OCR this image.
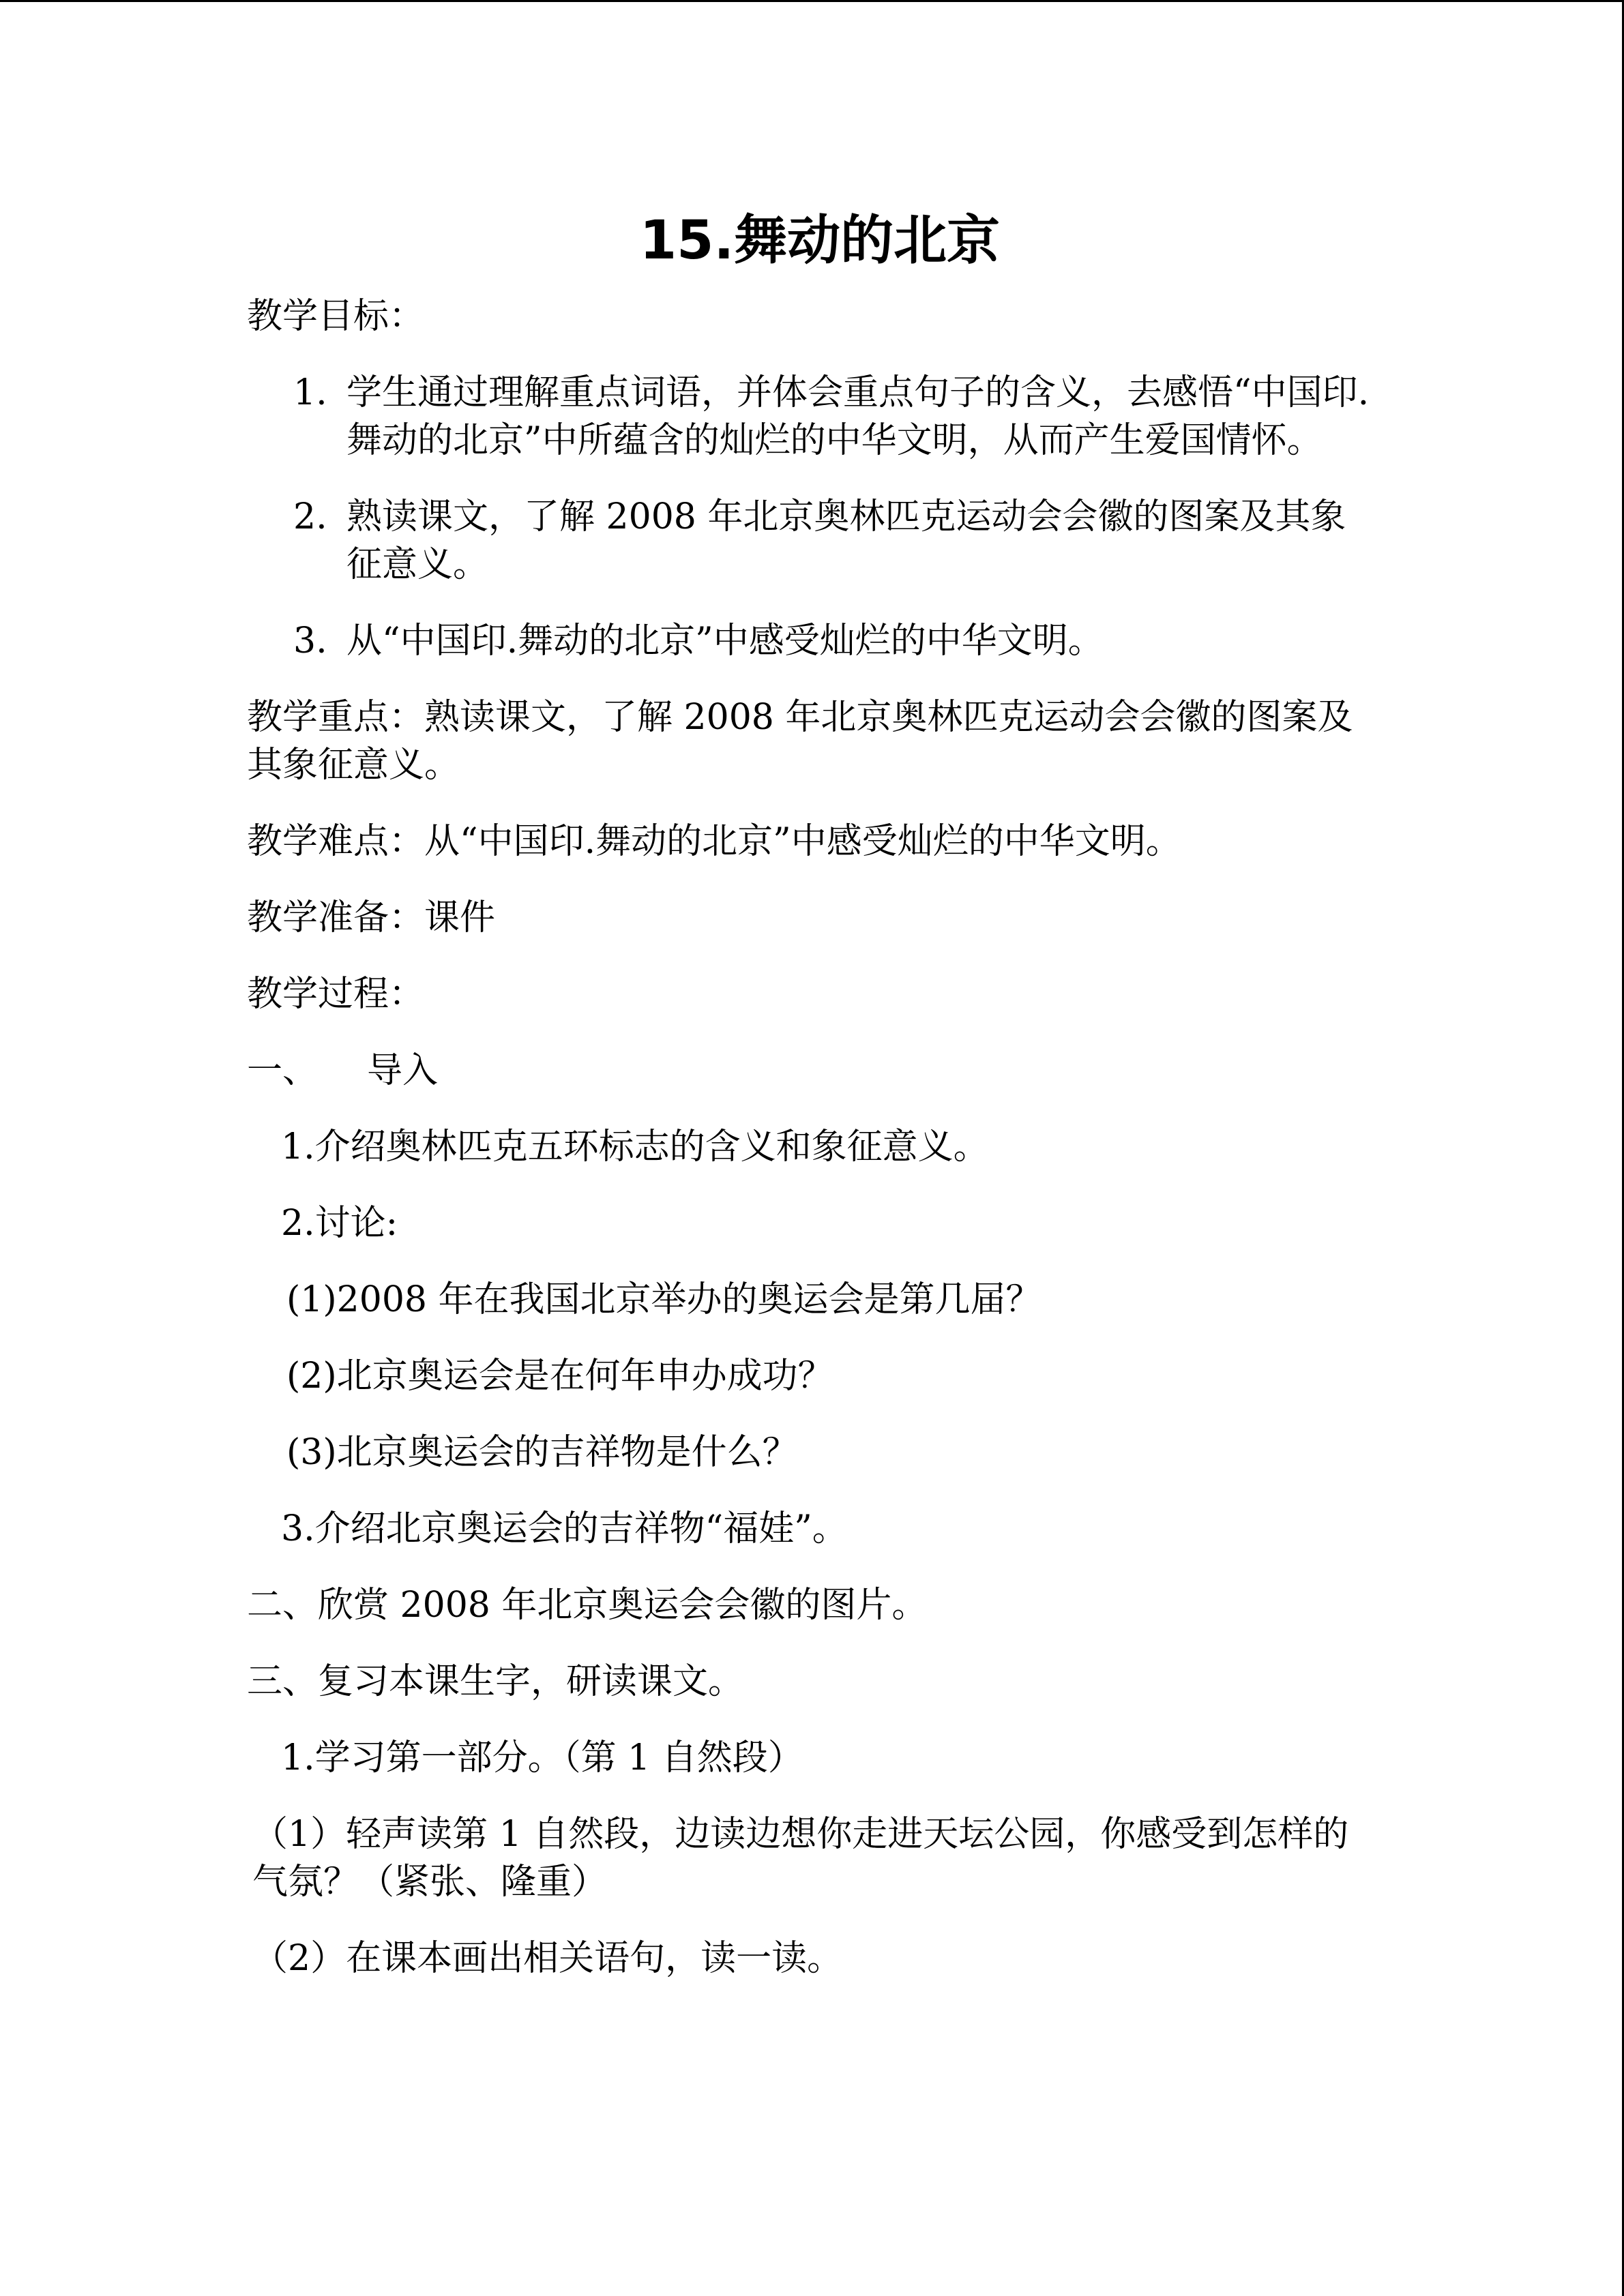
15.舞动的北京
教学目标：
1. 学生通过理解重点词语，并体会重点句子的含义，去感悟“中国印.舞动的北京”中所蕴含的灿烂的中华文明，从而产生爱国情怀。
2. 熟读课文，了解 2008 年北京奥林匹克运动会会徽的图案及其象征意义。
3. 从“中国印.舞动的北京”中感受灿烂的中华文明。
教学重点：熟读课文，了解 2008 年北京奥林匹克运动会会徽的图案及其象征意义。
教学难点：从“中国印.舞动的北京”中感受灿烂的中华文明。
教学准备：课件
教学过程：
一、 导入
1.介绍奥林匹克五环标志的含义和象征意义。
2.讨论:
(1)2008 年在我国北京举办的奥运会是第几届？
(2)北京奥运会是在何年申办成功？
(3)北京奥运会的吉祥物是什么？
3.介绍北京奥运会的吉祥物“福娃”。
二、欣赏 2008 年北京奥运会会徽的图片。
三、复习本课生字，研读课文。
1.学习第一部分。（第 1 自然段）
（1）轻声读第 1 自然段，边读边想你走进天坛公园，你感受到怎样的气氛？（紧张、隆重）
（2）在课本画出相关语句，读一读。
